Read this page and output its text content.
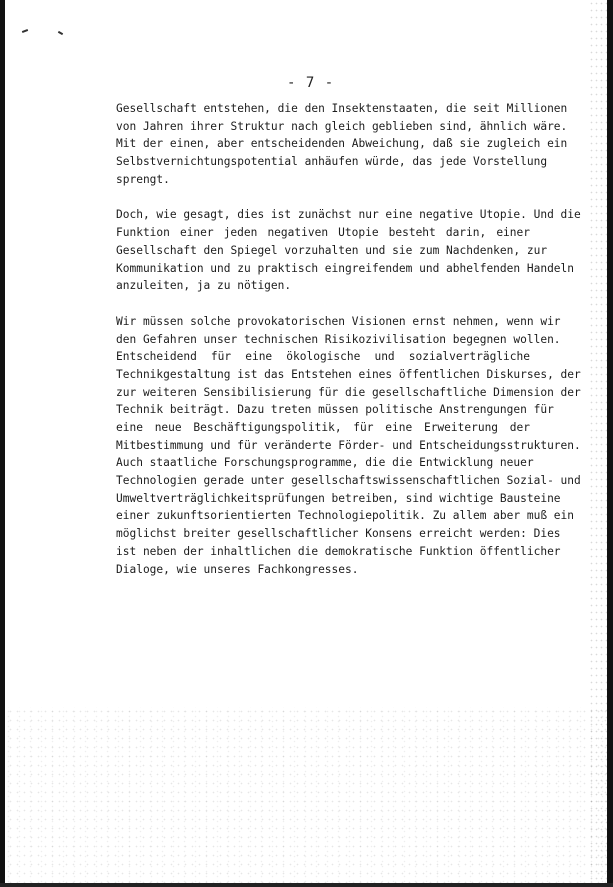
- 7 -
Gesellschaft entstehen, die den Insektenstaaten, die seit Millionen
von Jahren ihrer Struktur nach gleich geblieben sind, ähnlich wäre.
Mit der einen, aber entscheidenden Abweichung, daß sie zugleich ein
Selbstvernichtungspotential anhäufen würde, das jede Vorstellung
sprengt.
Doch, wie gesagt, dies ist zunächst nur eine negative Utopie. Und die
Funktion einer jeden negativen Utopie besteht darin, einer
Gesellschaft den Spiegel vorzuhalten und sie zum Nachdenken, zur
Kommunikation und zu praktisch eingreifendem und abhelfenden Handeln
anzuleiten, ja zu nötigen.
Wir müssen solche provokatorischen Visionen ernst nehmen, wenn wir
den Gefahren unser technischen Risikozivilisation begegnen wollen.
Entscheidend für eine ökologische und sozialverträgliche
Technikgestaltung ist das Entstehen eines öffentlichen Diskurses, der
zur weiteren Sensibilisierung für die gesellschaftliche Dimension der
Technik beiträgt. Dazu treten müssen politische Anstrengungen für
eine neue Beschäftigungspolitik, für eine Erweiterung der
Mitbestimmung und für veränderte Förder- und Entscheidungsstrukturen.
Auch staatliche Forschungsprogramme, die die Entwicklung neuer
Technologien gerade unter gesellschaftswissenschaftlichen Sozial- und
Umweltverträglichkeitsprüfungen betreiben, sind wichtige Bausteine
einer zukunftsorientierten Technologiepolitik. Zu allem aber muß ein
möglichst breiter gesellschaftlicher Konsens erreicht werden: Dies
ist neben der inhaltlichen die demokratische Funktion öffentlicher
Dialoge, wie unseres Fachkongresses.
